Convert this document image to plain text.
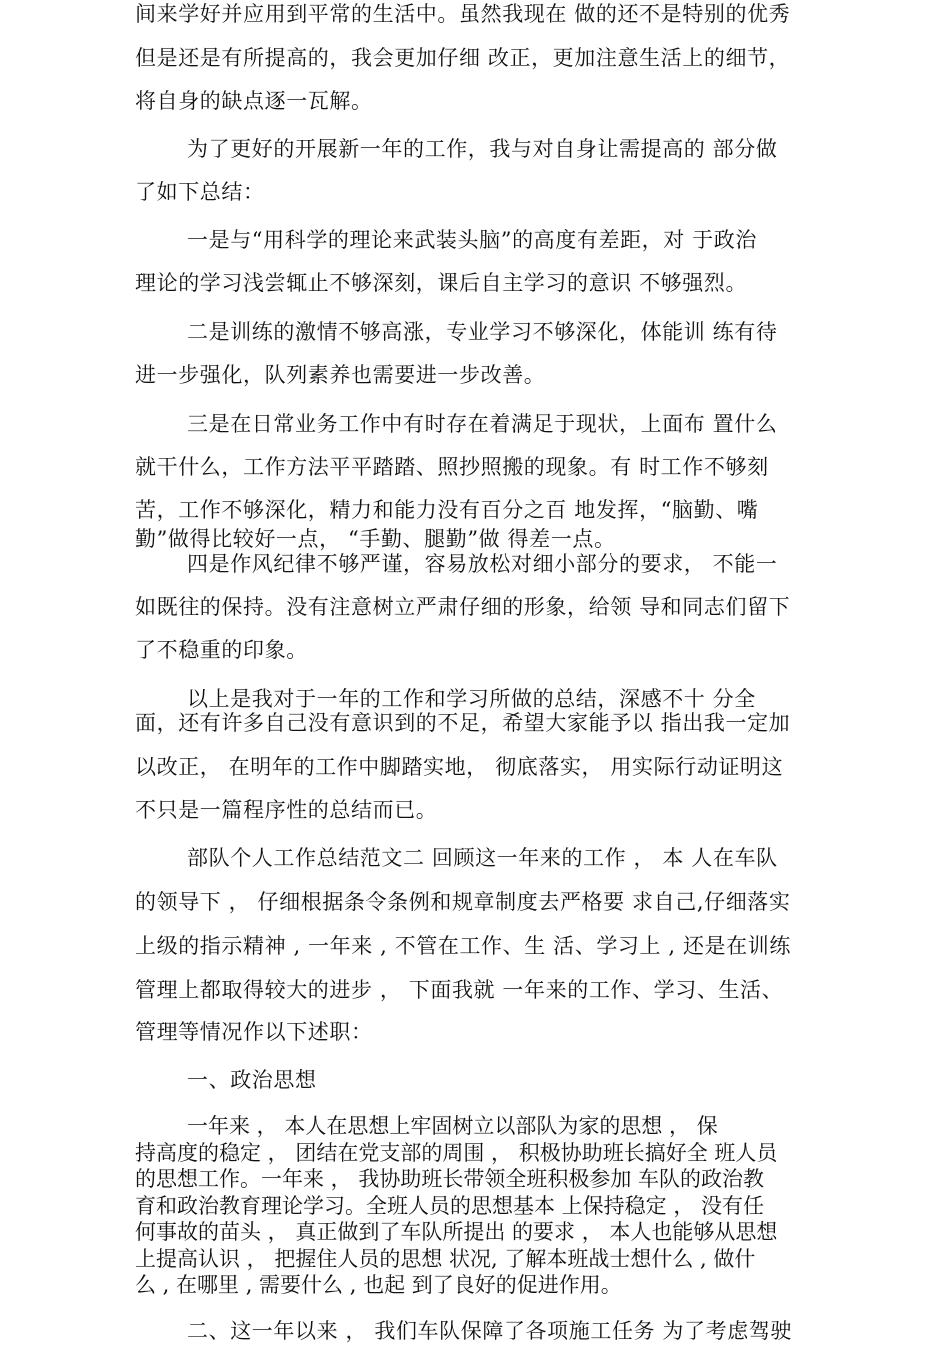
间来学好并应用到平常的生活中。虽然我现在 做的还不是特别的优秀
但是还是有所提高的，我会更加仔细 改正，更加注意生活上的细节，
将自身的缺点逐一瓦解。
为了更好的开展新一年的工作，我与对自身让需提高的 部分做
了如下总结：
一是与“用科学的理论来武装头脑”的高度有差距，对 于政治
理论的学习浅尝辄止不够深刻，课后自主学习的意识 不够强烈。
二是训练的激情不够高涨，专业学习不够深化，体能训 练有待
进一步强化，队列素养也需要进一步改善。
三是在日常业务工作中有时存在着满足于现状，上面布 置什么
就干什么，工作方法平平踏踏、照抄照搬的现象。有 时工作不够刻
苦，工作不够深化，精力和能力没有百分之百 地发挥，“脑勤、嘴
勤”做得比较好一点， “手勤、腿勤”做 得差一点。
四是作风纪律不够严谨，容易放松对细小部分的要求， 不能一
如既往的保持。没有注意树立严肃仔细的形象，给领 导和同志们留下
了不稳重的印象。
以上是我对于一年的工作和学习所做的总结，深感不十 分全
面，还有许多自己没有意识到的不足，希望大家能予以 指出我一定加
以改正， 在明年的工作中脚踏实地， 彻底落实， 用实际行动证明这
不只是一篇程序性的总结而已。
部队个人工作总结范文二 回顾这一年来的工作 ， 本 人在车队
的领导下 ， 仔细根据条令条例和规章制度去严格要 求自己,仔细落实
上级的指示精神 , 一年来 , 不管在工作、生 活、学习上 , 还是在训练
管理上都取得较大的进步 ， 下面我就 一年来的工作、学习、生活、
管理等情况作以下述职：
一、政治思想
一年来 ， 本人在思想上牢固树立以部队为家的思想 ， 保
持高度的稳定 ， 团结在党支部的周围 ， 积极协助班长搞好全 班人员
的思想工作。一年来 ， 我协助班长带领全班积极参加 车队的政治教
育和政治教育理论学习。全班人员的思想基本 上保持稳定 ， 没有任
何事故的苗头 ， 真正做到了车队所提出 的要求 ， 本人也能够从思想
上提高认识 ， 把握住人员的思想 状况, 了解本班战士想什么 , 做什
么 , 在哪里 , 需要什么 , 也起 到了良好的促进作用。
二、这一年以来 ， 我们车队保障了各项施工任务 为了考虑驾驶
